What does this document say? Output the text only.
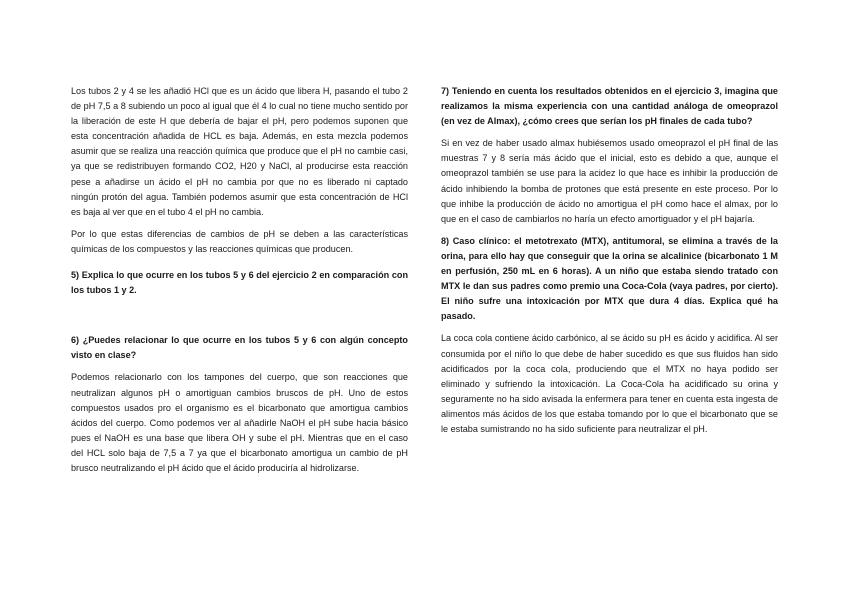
Los tubos 2 y 4 se les añadió HCl que es un ácido que libera H, pasando el tubo 2 de pH 7,5 a 8 subiendo un poco al igual que él 4 lo cual no tiene mucho sentido por la liberación de este H que debería de bajar el pH, pero podemos suponen que esta concentración añadida de HCL es baja. Además, en esta mezcla podemos asumir que se realiza una reacción química que produce que el pH no cambie casi, ya que se redistribuyen formando CO2, H20 y NaCl, al producirse esta reacción pese a añadirse un ácido el pH no cambia por que no es liberado ni captado ningún protón del agua. También podemos asumir que esta concentración de HCl es baja al ver que en el tubo 4 el pH no cambia.

Por lo que estas diferencias de cambios de pH se deben a las características químicas de los compuestos y las reacciones químicas que producen.

5) Explica lo que ocurre en los tubos 5 y 6 del ejercicio 2 en comparación con los tubos 1 y 2.

6) ¿Puedes relacionar lo que ocurre en los tubos 5 y 6 con algún concepto visto en clase?

Podemos relacionarlo con los tampones del cuerpo, que son reacciones que neutralizan algunos pH o amortiguan cambios bruscos de pH. Uno de estos compuestos usados pro el organismo es el bicarbonato que amortigua cambios ácidos del cuerpo. Como podemos ver al añadirle NaOH el pH sube hacia básico pues el NaOH es una base que libera OH y sube el pH. Mientras que en el caso del HCL solo baja de 7,5 a 7 ya que el bicarbonato amortigua un cambio de pH brusco neutralizando el pH ácido que el ácido produciría al hidrolizarse.

7) Teniendo en cuenta los resultados obtenidos en el ejercicio 3, imagina que realizamos la misma experiencia con una cantidad análoga de omeoprazol (en vez de Almax), ¿cómo crees que serían los pH finales de cada tubo?

Si en vez de haber usado almax hubiésemos usado omeoprazol el pH final de las muestras 7 y 8 sería más ácido que el inicial, esto es debido a que, aunque el omeoprazol también se use para la acidez lo que hace es inhibir la producción de ácido inhibiendo la bomba de protones que está presente en este proceso. Por lo que inhibe la producción de ácido no amortigua el pH como hace el almax, por lo que en el caso de cambiarlos no haría un efecto amortiguador y el pH bajaría.

8) Caso clínico: el metotrexato (MTX), antitumoral, se elimina a través de la orina, para ello hay que conseguir que la orina se alcalinice (bicarbonato 1 M en perfusión, 250 mL en 6 horas). A un niño que estaba siendo tratado con MTX le dan sus padres como premio una Coca-Cola (vaya padres, por cierto). El niño sufre una intoxicación por MTX que dura 4 días. Explica qué ha pasado.

La coca cola contiene ácido carbónico, al se ácido su pH es ácido y acidifica. Al ser consumida por el niño lo que debe de haber sucedido es que sus fluidos han sido acidificados por la coca cola, produciendo que el MTX no haya podido ser eliminado y sufriendo la intoxicación. La Coca-Cola ha acidificado su orina y seguramente no ha sido avisada la enfermera para tener en cuenta esta ingesta de alimentos más ácidos de los que estaba tomando por lo que el bicarbonato que se le estaba sumistrando no ha sido suficiente para neutralizar el pH.
